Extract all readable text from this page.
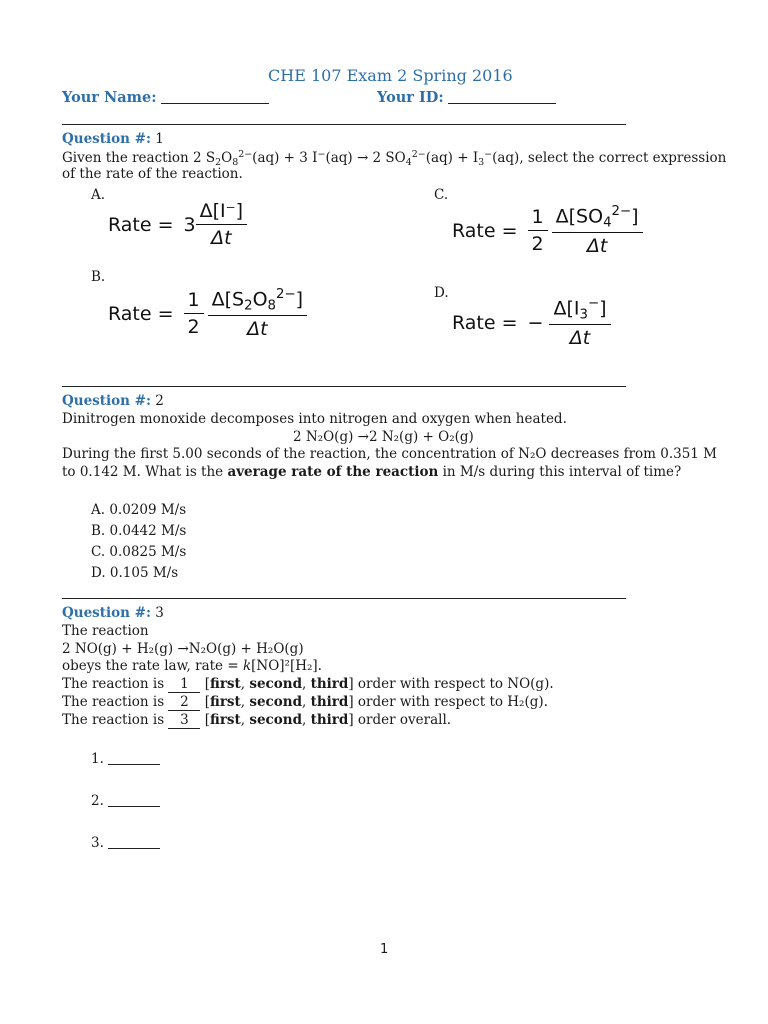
CHE 107 Exam 2 Spring 2016
Your Name:	Your ID:
Question #: 1
Given the reaction 2 $S_2O_8^{2-}(aq) + 3$ I−(aq) → 2 $SO_4^{2-}(aq) + I_3^-(aq)$, select the correct expression
of the rate of the reaction.
A.	C.
B.
D.
Rate = $3 \frac{\Delta[I^-]}{\Delta t}$	Rate = $\frac{1}{2} \frac{\Delta[SO_4^{2-}]}{\Delta t}$
Rate = $\frac{1}{2} \frac{\Delta[S_2O_8^{2-}]}{\Delta t}$	Rate = − $\frac{\Delta[I_3^-]}{\Delta t}$
Question #: 2
Dinitrogen monoxide decomposes into nitrogen and oxygen when heated.
2 N₂O(g) →2 N₂(g) + O₂(g)
During the first 5.00 seconds of the reaction, the concentration of N₂O decreases from 0.351 M
to 0.142 M. What is the average rate of the reaction in M/s during this interval of time?
A. 0.0209 M/s
B. 0.0442 M/s
C. 0.0825 M/s
D. 0.105 M/s
Question #: 3
The reaction
2 NO(g) + H₂(g) →N₂O(g) + H₂O(g)
obeys the rate law, rate = k[NO]²[H₂].
The reaction is 1 [first, second, third] order with respect to NO(g).
The reaction is 2 [first, second, third] order with respect to H₂(g).
The reaction is 3 [first, second, third] order overall.
1.
2.
3.
1
